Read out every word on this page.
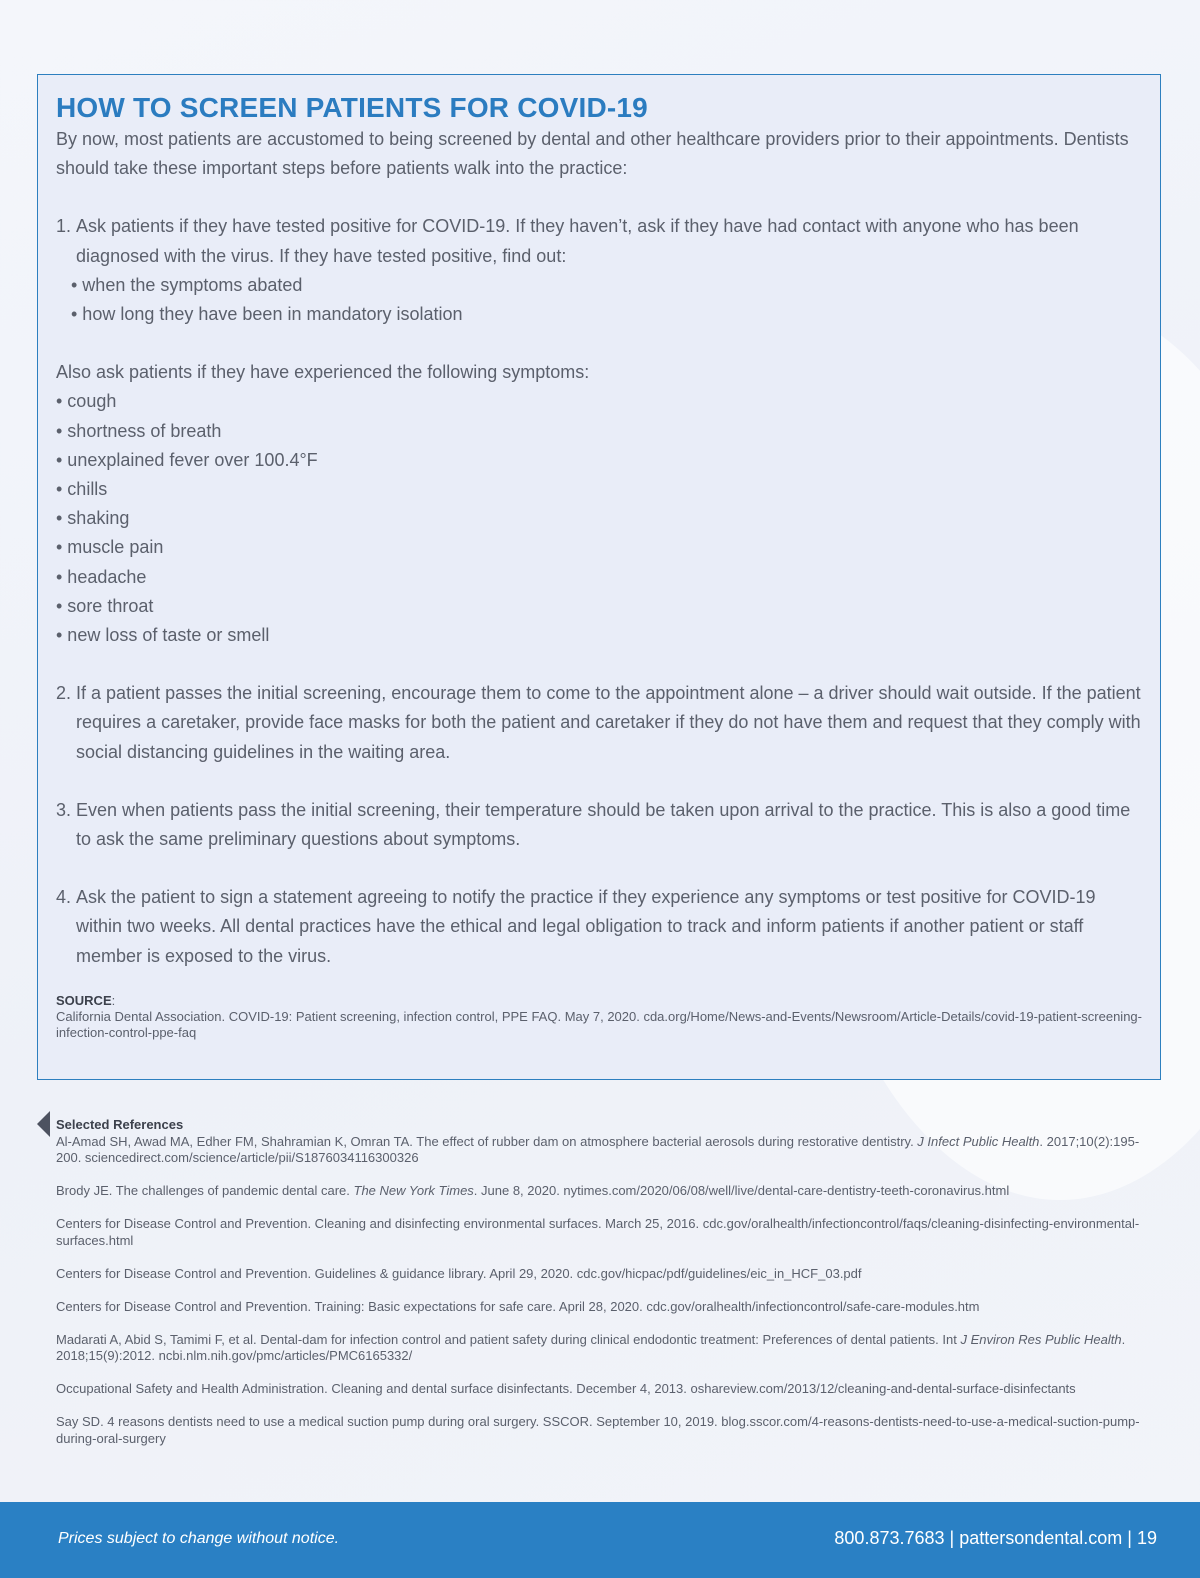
HOW TO SCREEN PATIENTS FOR COVID-19

By now, most patients are accustomed to being screened by dental and other healthcare providers prior to their appointments. Dentists should take these important steps before patients walk into the practice:

1.
Ask patients if they have tested positive for COVID-19. If they haven’t, ask if they have had contact with anyone who has been diagnosed with the virus. If they have tested positive, find out:
• when the symptoms abated
• how long they have been in mandatory isolation

Also ask patients if they have experienced the following symptoms:

• cough
• shortness of breath
• unexplained fever over 100.4°F
• chills
• shaking
• muscle pain
• headache
• sore throat
• new loss of taste or smell
2.
If a patient passes the initial screening, encourage them to come to the appointment alone – a driver should wait outside. If the patient requires a caretaker, provide face masks for both the patient and caretaker if they do not have them and request that they comply with social distancing guidelines in the waiting area.
3.
Even when patients pass the initial screening, their temperature should be taken upon arrival to the practice. This is also a good time to ask the same preliminary questions about symptoms.
4.
Ask the patient to sign a statement agreeing to notify the practice if they experience any symptoms or test positive for COVID-19 within two weeks. All dental practices have the ethical and legal obligation to track and inform patients if another patient or staff member is exposed to the virus.
SOURCE:
California Dental Association. COVID-19: Patient screening, infection control, PPE FAQ. May 7, 2020. cda.org/Home/News-and-Events/Newsroom/Article-Details/covid-19-patient-screening-infection-control-ppe-faq

Selected References

Al-Amad SH, Awad MA, Edher FM, Shahramian K, Omran TA. The effect of rubber dam on atmosphere bacterial aerosols during restorative dentistry. J Infect Public Health. 2017;10(2):195-200. sciencedirect.com/science/article/pii/S1876034116300326

Brody JE. The challenges of pandemic dental care. The New York Times. June 8, 2020. nytimes.com/2020/06/08/well/live/dental-care-dentistry-teeth-coronavirus.html

Centers for Disease Control and Prevention. Cleaning and disinfecting environmental surfaces. March 25, 2016. cdc.gov/oralhealth/infectioncontrol/faqs/cleaning-disinfecting-environmental-surfaces.html

Centers for Disease Control and Prevention. Guidelines & guidance library. April 29, 2020. cdc.gov/hicpac/pdf/guidelines/eic_in_HCF_03.pdf

Centers for Disease Control and Prevention. Training: Basic expectations for safe care. April 28, 2020. cdc.gov/oralhealth/infectioncontrol/safe-care-modules.htm

Madarati A, Abid S, Tamimi F, et al. Dental-dam for infection control and patient safety during clinical endodontic treatment: Preferences of dental patients. Int J Environ Res Public Health. 2018;15(9):2012. ncbi.nlm.nih.gov/pmc/articles/PMC6165332/

Occupational Safety and Health Administration. Cleaning and dental surface disinfectants. December 4, 2013. oshareview.com/2013/12/cleaning-and-dental-surface-disinfectants

Say SD. 4 reasons dentists need to use a medical suction pump during oral surgery. SSCOR. September 10, 2019. blog.sscor.com/4-reasons-dentists-need-to-use-a-medical-suction-pump-during-oral-surgery

Prices subject to change without notice.	800.873.7683 | pattersondental.com | 19
